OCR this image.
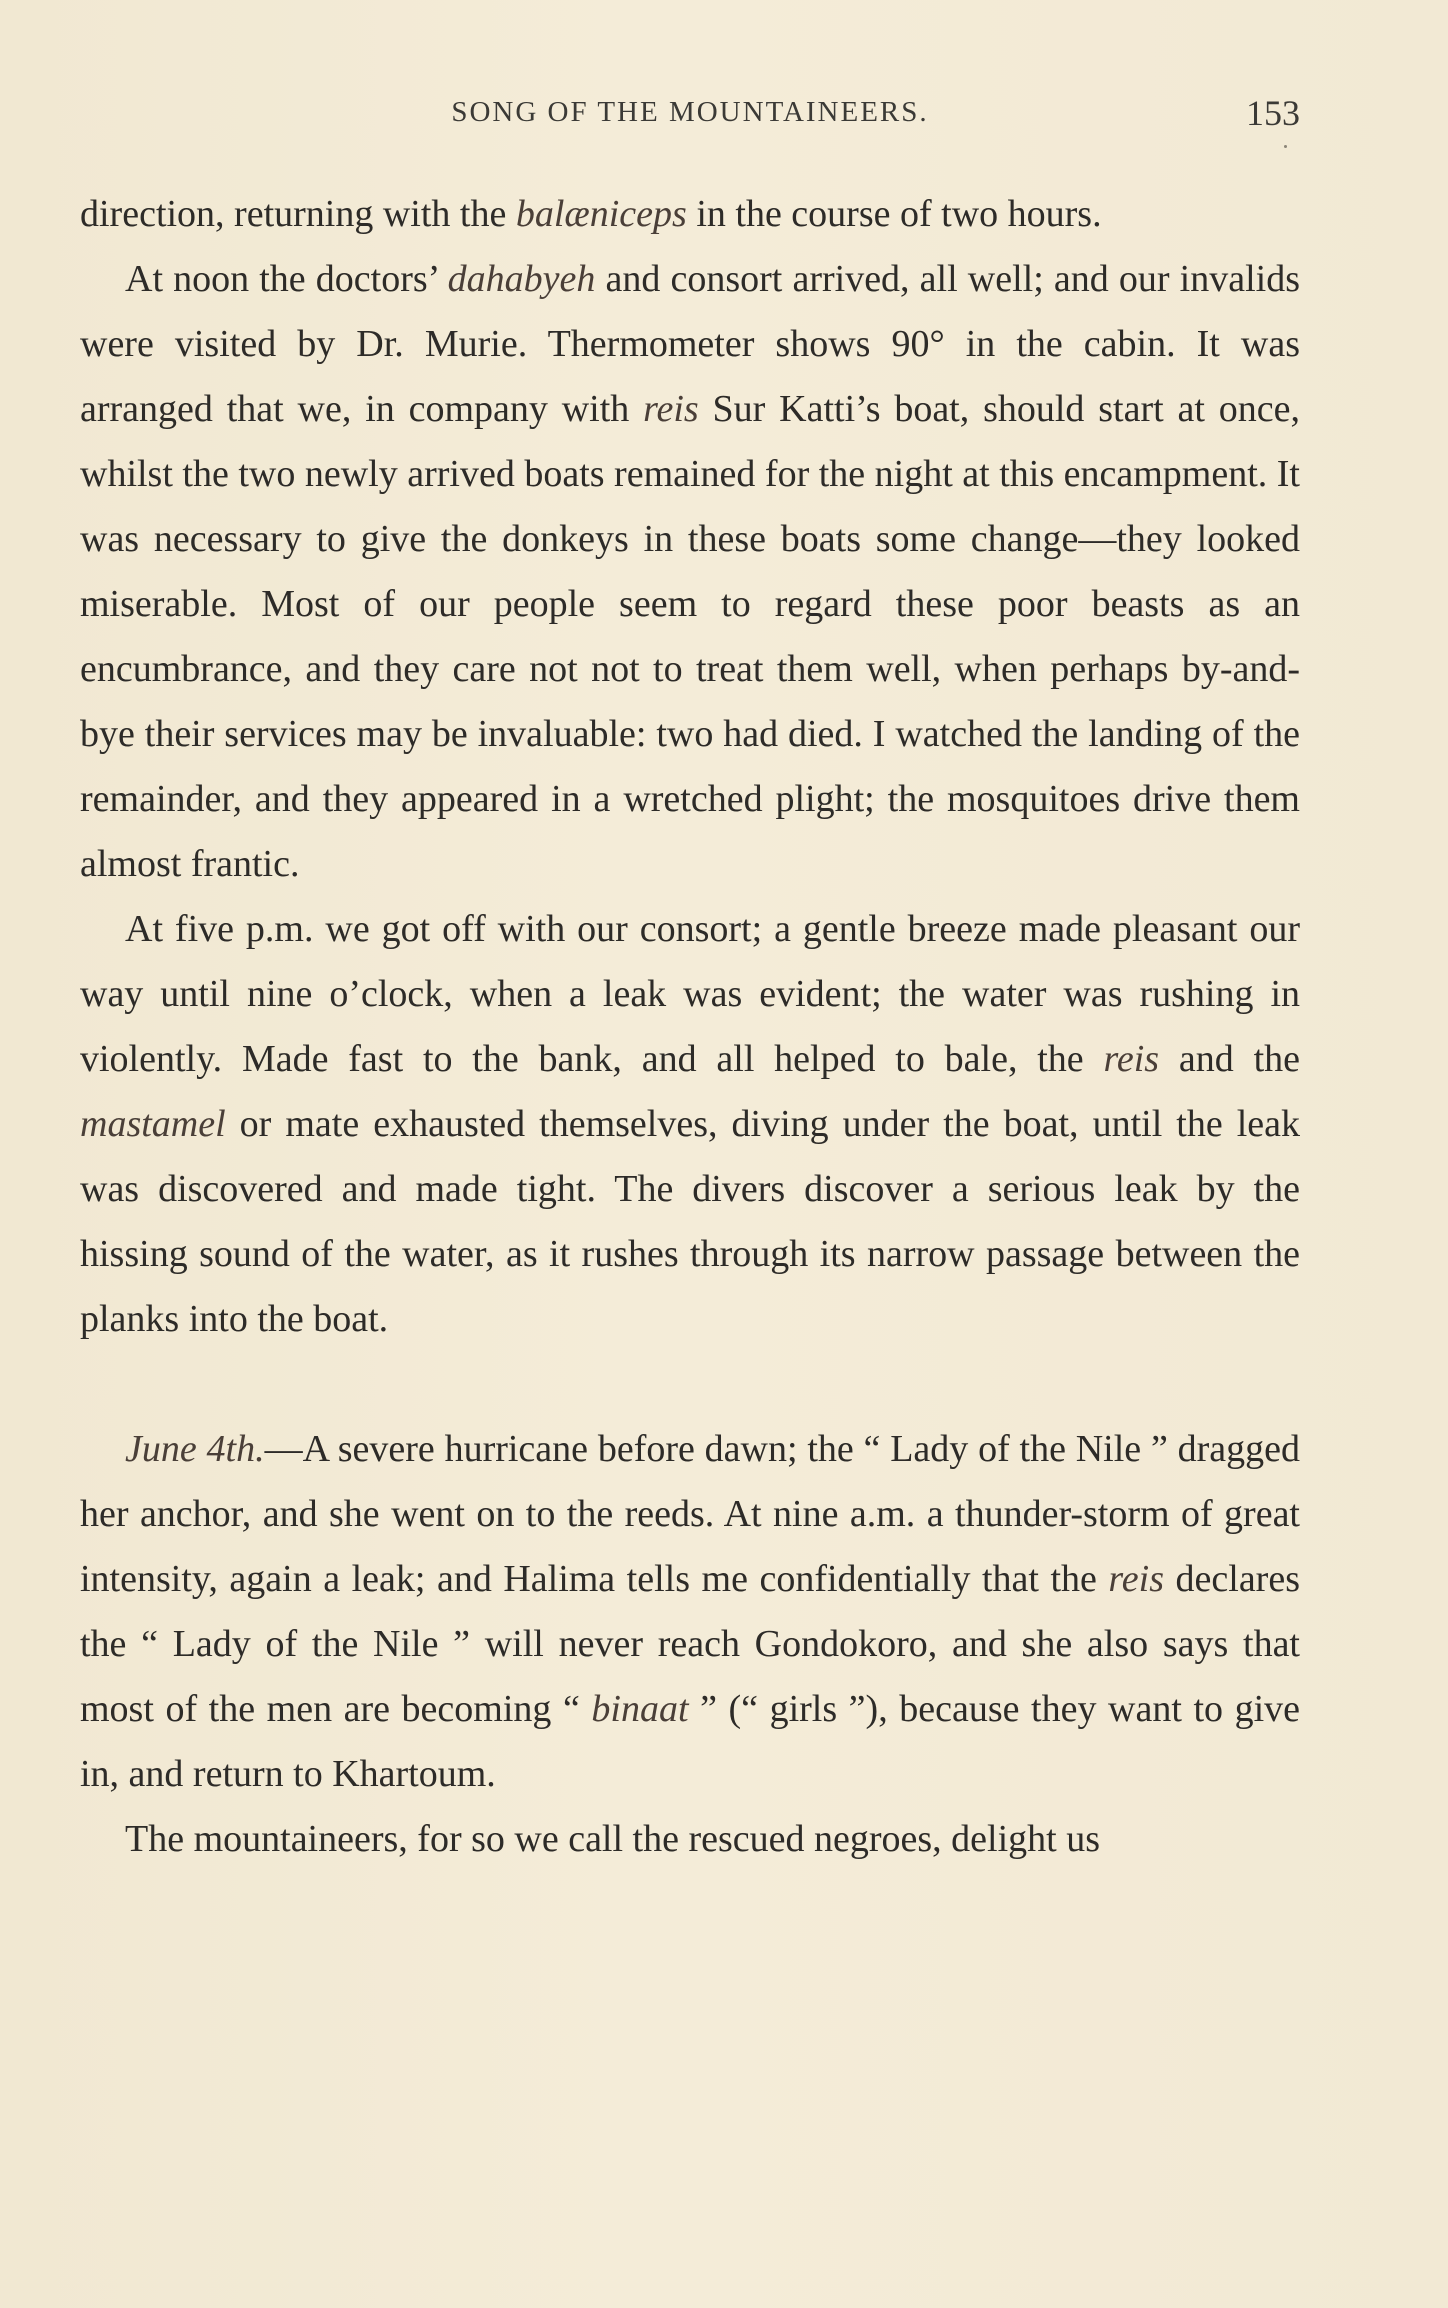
SONG OF THE MOUNTAINEERS.	153

direction, returning with the balæniceps in the course of two hours.

At noon the doctors’ dahabyeh and consort arrived, all well; and our invalids were visited by Dr. Murie. Thermometer shows 90° in the cabin. It was arranged that we, in company with reis Sur Katti’s boat, should start at once, whilst the two newly arrived boats remained for the night at this encampment. It was necessary to give the donkeys in these boats some change—they looked miserable. Most of our people seem to regard these poor beasts as an encumbrance, and they care not not to treat them well, when perhaps by-and-bye their services may be invaluable: two had died. I watched the landing of the remainder, and they appeared in a wretched plight; the mosquitoes drive them almost frantic.

At five p.m. we got off with our consort; a gentle breeze made pleasant our way until nine o’clock, when a leak was evident; the water was rushing in violently. Made fast to the bank, and all helped to bale, the reis and the mastamel or mate exhausted themselves, diving under the boat, until the leak was discovered and made tight. The divers discover a serious leak by the hissing sound of the water, as it rushes through its narrow passage between the planks into the boat.

June 4th.—A severe hurricane before dawn; the “ Lady of the Nile ” dragged her anchor, and she went on to the reeds. At nine a.m. a thunder-storm of great intensity, again a leak; and Halima tells me confidentially that the reis declares the “ Lady of the Nile ” will never reach Gondokoro, and she also says that most of the men are becoming “ binaat ” (“ girls ”), because they want to give in, and return to Khartoum.

The mountaineers, for so we call the rescued negroes, delight us
